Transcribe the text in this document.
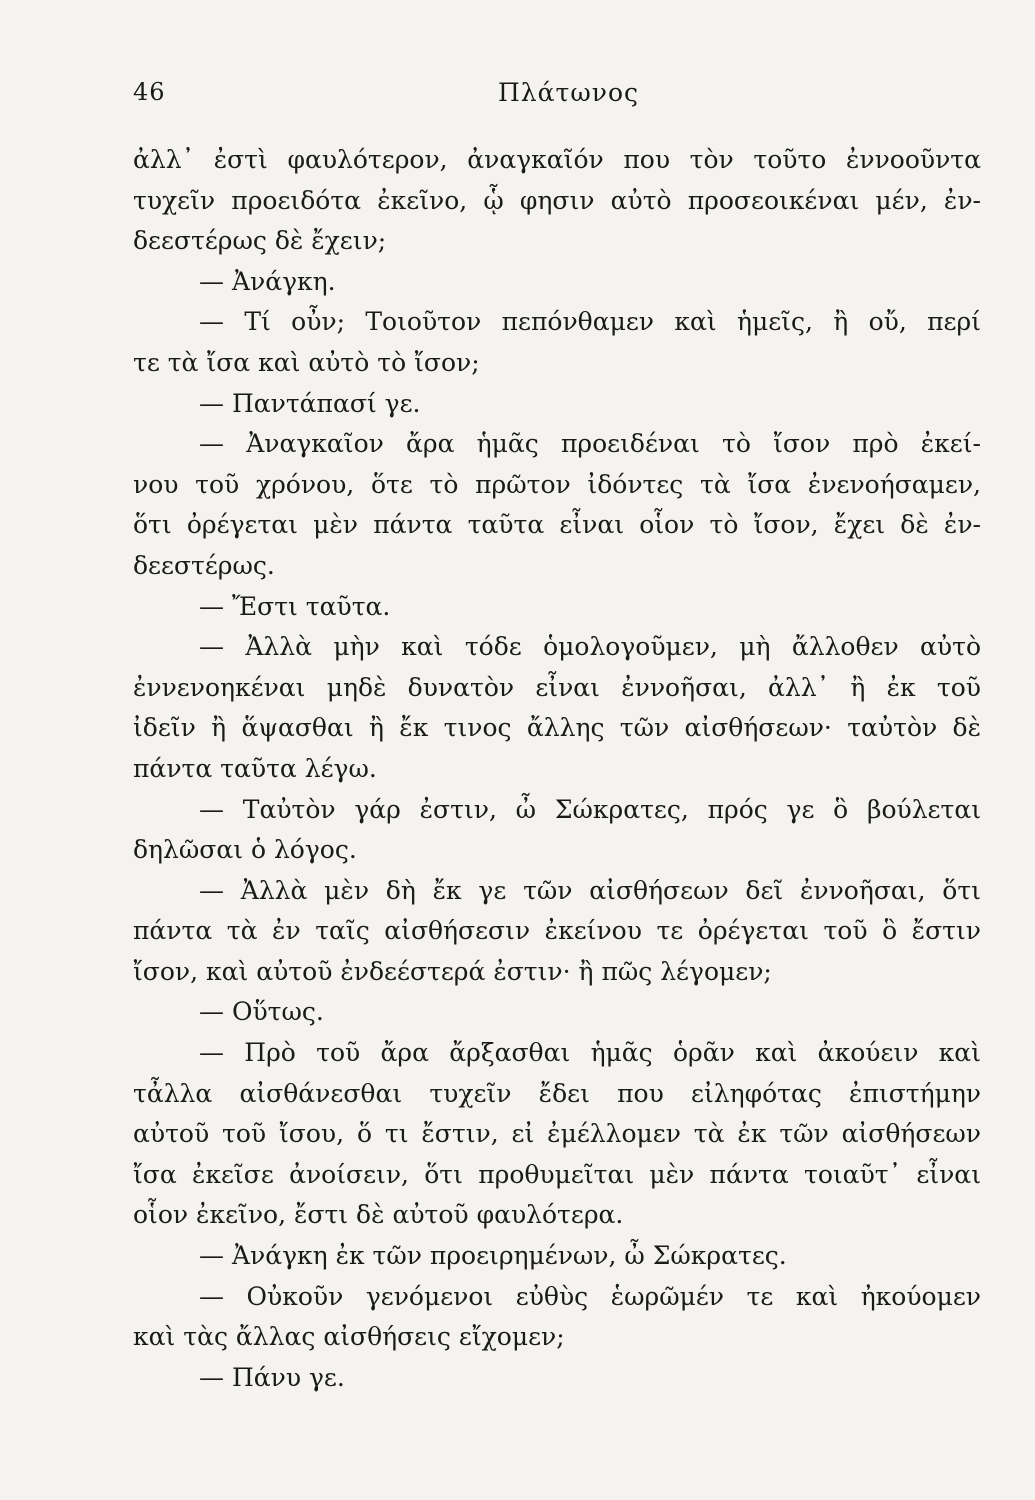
46	Πλάτωνος
ἀλλ᾽ ἐστὶ φαυλότερον, ἀναγκαῖόν που τὸν τοῦτο ἐννοοῦντα
τυχεῖν προειδότα ἐκεῖνο, ᾧ φησιν αὐτὸ προσεοικέναι μέν, ἐν-
δεεστέρως δὲ ἔχειν;
— Ἀνάγκη.
— Τί οὖν; Τοιοῦτον πεπόνθαμεν καὶ ἡμεῖς, ἢ οὔ, περί
τε τὰ ἴσα καὶ αὐτὸ τὸ ἴσον;
— Παντάπασί γε.
— Ἀναγκαῖον ἄρα ἡμᾶς προειδέναι τὸ ἴσον πρὸ ἐκεί-
νου τοῦ χρόνου, ὅτε τὸ πρῶτον ἰδόντες τὰ ἴσα ἐνενοήσαμεν,
ὅτι ὀρέγεται μὲν πάντα ταῦτα εἶναι οἷον τὸ ἴσον, ἔχει δὲ ἐν-
δεεστέρως.
— Ἔστι ταῦτα.
— Ἀλλὰ μὴν καὶ τόδε ὁμολογοῦμεν, μὴ ἄλλοθεν αὐτὸ
ἐννενοηκέναι μηδὲ δυνατὸν εἶναι ἐννοῆσαι, ἀλλ᾽ ἢ ἐκ τοῦ
ἰδεῖν ἢ ἅψασθαι ἢ ἔκ τινος ἄλλης τῶν αἰσθήσεων· ταὐτὸν δὲ
πάντα ταῦτα λέγω.
— Ταὐτὸν γάρ ἐστιν, ὦ Σώκρατες, πρός γε ὃ βούλεται
δηλῶσαι ὁ λόγος.
— Ἀλλὰ μὲν δὴ ἔκ γε τῶν αἰσθήσεων δεῖ ἐννοῆσαι, ὅτι
πάντα τὰ ἐν ταῖς αἰσθήσεσιν ἐκείνου τε ὀρέγεται τοῦ ὃ ἔστιν
ἴσον, καὶ αὐτοῦ ἐνδεέστερά ἐστιν· ἢ πῶς λέγομεν;
— Οὕτως.
— Πρὸ τοῦ ἄρα ἄρξασθαι ἡμᾶς ὁρᾶν καὶ ἀκούειν καὶ
τἆλλα αἰσθάνεσθαι τυχεῖν ἔδει που εἰληφότας ἐπιστήμην
αὐτοῦ τοῦ ἴσου, ὅ τι ἔστιν, εἰ ἐμέλλομεν τὰ ἐκ τῶν αἰσθήσεων
ἴσα ἐκεῖσε ἀνοίσειν, ὅτι προθυμεῖται μὲν πάντα τοιαῦτ᾽ εἶναι
οἷον ἐκεῖνο, ἔστι δὲ αὐτοῦ φαυλότερα.
— Ἀνάγκη ἐκ τῶν προειρημένων, ὦ Σώκρατες.
— Οὐκοῦν γενόμενοι εὐθὺς ἑωρῶμέν τε καὶ ἠκούομεν
καὶ τὰς ἄλλας αἰσθήσεις εἴχομεν;
— Πάνυ γε.
